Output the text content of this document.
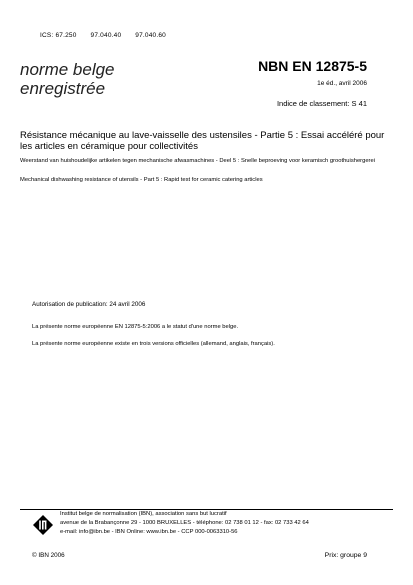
ICS: 67.250 97.040.40 97.040.60
norme belge
enregistrée
NBN EN 12875-5
1e éd., avril 2006
Indice de classement: S 41
Résistance mécanique au lave-vaisselle des ustensiles - Partie 5 : Essai accéléré pour les articles en céramique pour collectivités
Weerstand van huishoudelijke artikelen tegen mechanische afwasmachines - Deel 5 : Snelle beproeving voor keramisch groothuishergerei
Mechanical dishwashing resistance of utensils - Part 5 : Rapid test for ceramic catering articles
Autorisation de publication: 24 avril 2006
La présente norme européenne EN 12875-5:2006 a le statut d'une norme belge.
La présente norme européenne existe en trois versions officielles (allemand, anglais, français).
Institut belge de normalisation (IBN), association sans but lucratif
avenue de la Brabançonne 29 - 1000 BRUXELLES - téléphone: 02 738 01 12 - fax: 02 733 42 64
e-mail: info@ibn.be - IBN Online: www.ibn.be - CCP 000-0063310-56
© IBN 2006	Prix: groupe 9
